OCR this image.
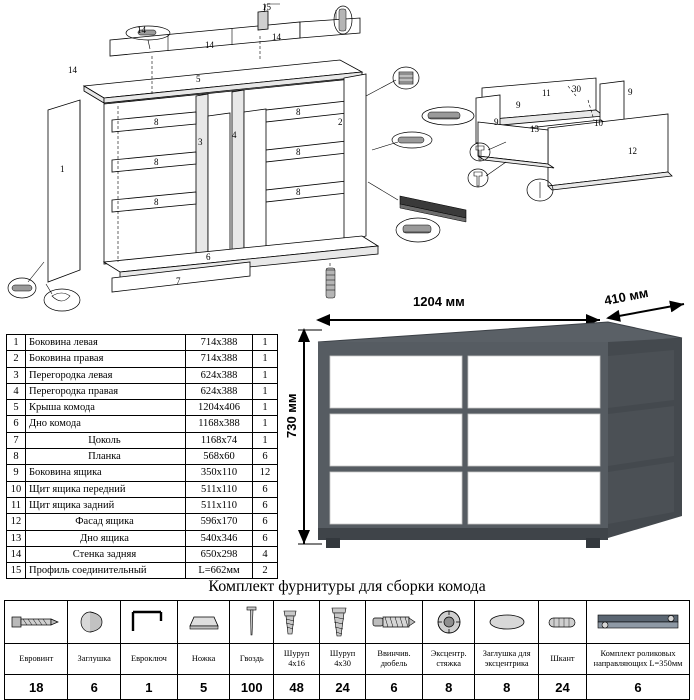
15
14
14
14
14
5
1
8
8
8
8
8
8
3
4
2
6
7
11 30	9
9
13
10
12
9
1	Боковина левая	714х388	1
2	Боковина правая	714х388	1
3	Перегородка левая	624х388	1
4	Перегородка правая	624х388	1
5	Крыша комода	1204х406	1
6	Дно комода	1168х388	1
7	Цоколь	1168х74	1
8	Планка	568х60	6
9	Боковина ящика	350х110	12
10	Щит ящика передний	511х110	6
11	Щит ящика задний	511х110	6
12	Фасад ящика	596х170	6
13	Дно ящика	540х346	6
14	Стенка задняя	650х298	4
15	Профиль соединительный	L=662мм	2
1204 мм	410 мм
730 мм
Комплект фурнитуры для сборки комода

Евровинт	Заглушка	Евроключ	Ножка	Гвоздь	Шуруп 4х16	Шуруп 4х30	Ввинчив. дюбель	Эксцентр. стяжка	Заглушка для эксцентрика	Шкант	Комплект роликовых направляющих L=350мм
18	6	1	5	100	48	24	6	8	8	24	6
